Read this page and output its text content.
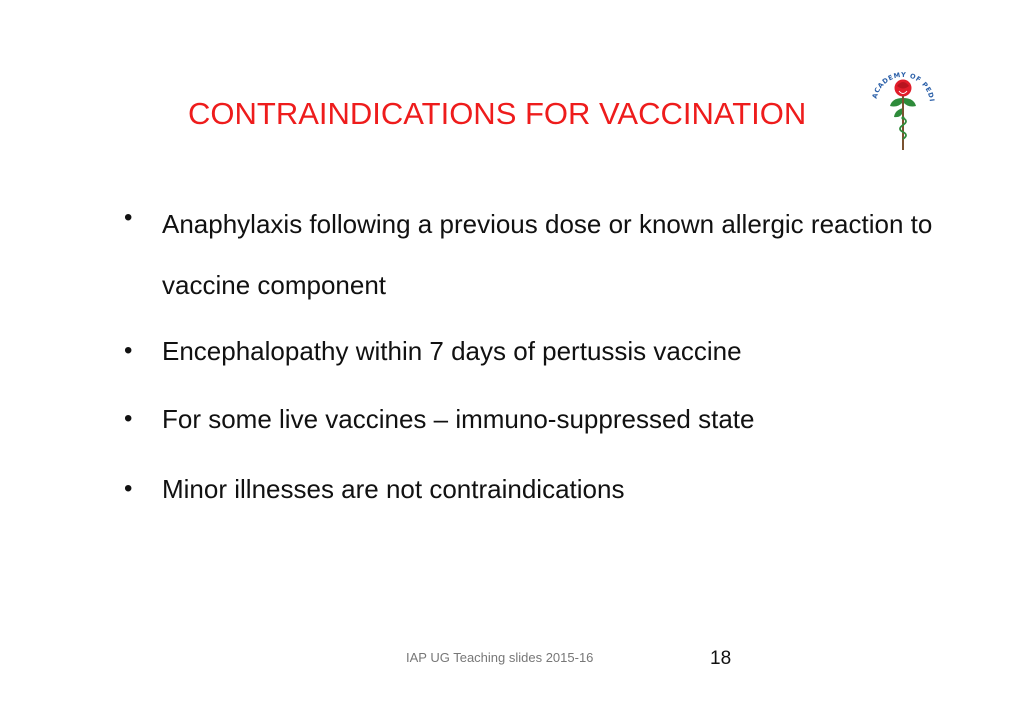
CONTRAINDICATIONS FOR VACCINATION
ACADEMY OF PEDI
• Anaphylaxis following a previous dose or known allergic reaction to vaccine component
• Encephalopathy within 7 days of pertussis vaccine
• For some live vaccines – immuno-suppressed state
• Minor illnesses are not contraindications
IAP UG Teaching slides 2015-16	18
